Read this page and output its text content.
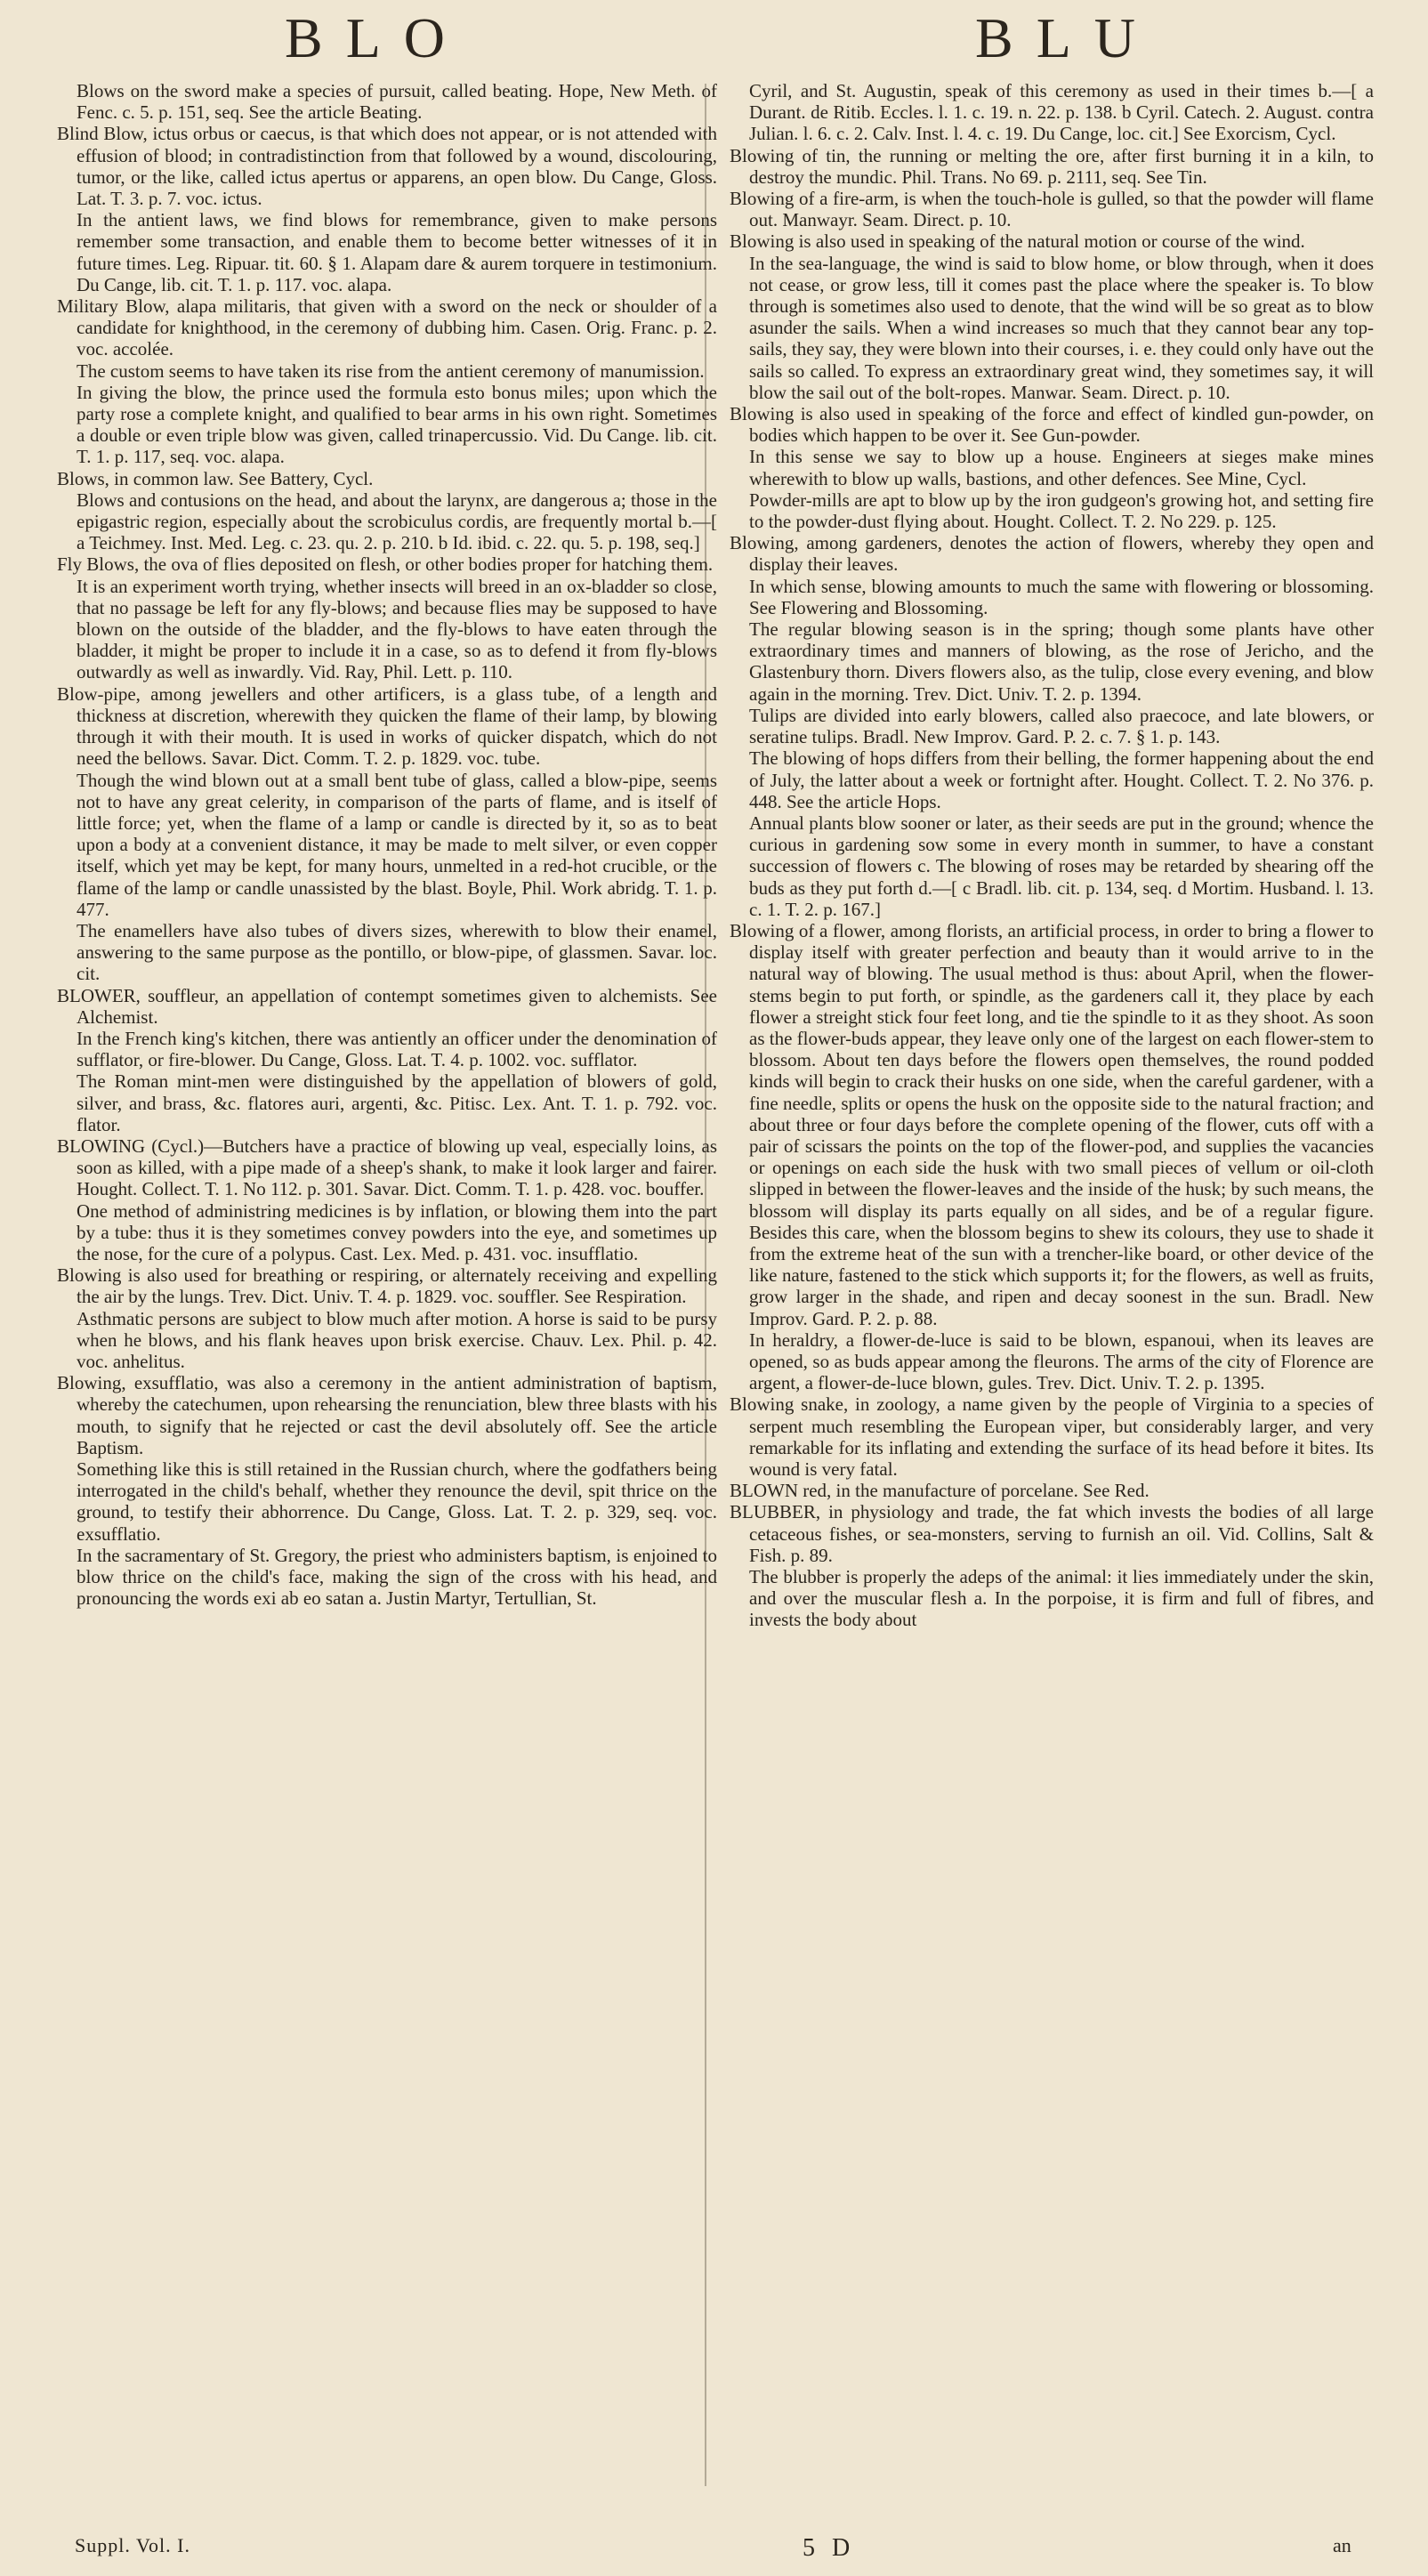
BLO	BLU

Blows on the sword make a species of pursuit, called beating. Hope, New Meth. of Fenc. c. 5. p. 151, seq. See the article Beating.

Blind Blow, ictus orbus or caecus, is that which does not appear, or is not attended with effusion of blood; in contradistinction from that followed by a wound, discolouring, tumor, or the like, called ictus apertus or apparens, an open blow. Du Cange, Gloss. Lat. T. 3. p. 7. voc. ictus.

In the antient laws, we find blows for remembrance, given to make persons remember some transaction, and enable them to become better witnesses of it in future times. Leg. Ripuar. tit. 60. § 1. Alapam dare & aurem torquere in testimonium. Du Cange, lib. cit. T. 1. p. 117. voc. alapa.

Military Blow, alapa militaris, that given with a sword on the neck or shoulder of a candidate for knighthood, in the ceremony of dubbing him. Casen. Orig. Franc. p. 2. voc. accolée.

The custom seems to have taken its rise from the antient ceremony of manumission.

In giving the blow, the prince used the formula esto bonus miles; upon which the party rose a complete knight, and qualified to bear arms in his own right. Sometimes a double or even triple blow was given, called trinapercussio. Vid. Du Cange. lib. cit. T. 1. p. 117, seq. voc. alapa.

Blows, in common law. See Battery, Cycl.

Blows and contusions on the head, and about the larynx, are dangerous a; those in the epigastric region, especially about the scrobiculus cordis, are frequently mortal b.—[ a Teichmey. Inst. Med. Leg. c. 23. qu. 2. p. 210. b Id. ibid. c. 22. qu. 5. p. 198, seq.]

Fly Blows, the ova of flies deposited on flesh, or other bodies proper for hatching them.

It is an experiment worth trying, whether insects will breed in an ox-bladder so close, that no passage be left for any fly-blows; and because flies may be supposed to have blown on the outside of the bladder, and the fly-blows to have eaten through the bladder, it might be proper to include it in a case, so as to defend it from fly-blows outwardly as well as inwardly. Vid. Ray, Phil. Lett. p. 110.

Blow-pipe, among jewellers and other artificers, is a glass tube, of a length and thickness at discretion, wherewith they quicken the flame of their lamp, by blowing through it with their mouth. It is used in works of quicker dispatch, which do not need the bellows. Savar. Dict. Comm. T. 2. p. 1829. voc. tube.

Though the wind blown out at a small bent tube of glass, called a blow-pipe, seems not to have any great celerity, in comparison of the parts of flame, and is itself of little force; yet, when the flame of a lamp or candle is directed by it, so as to beat upon a body at a convenient distance, it may be made to melt silver, or even copper itself, which yet may be kept, for many hours, unmelted in a red-hot crucible, or the flame of the lamp or candle unassisted by the blast. Boyle, Phil. Work abridg. T. 1. p. 477.

The enamellers have also tubes of divers sizes, wherewith to blow their enamel, answering to the same purpose as the pontillo, or blow-pipe, of glassmen. Savar. loc. cit.

BLOWER, souffleur, an appellation of contempt sometimes given to alchemists. See Alchemist.

In the French king's kitchen, there was antiently an officer under the denomination of sufflator, or fire-blower. Du Cange, Gloss. Lat. T. 4. p. 1002. voc. sufflator.

The Roman mint-men were distinguished by the appellation of blowers of gold, silver, and brass, &c. flatores auri, argenti, &c. Pitisc. Lex. Ant. T. 1. p. 792. voc. flator.

BLOWING (Cycl.)—Butchers have a practice of blowing up veal, especially loins, as soon as killed, with a pipe made of a sheep's shank, to make it look larger and fairer. Hought. Collect. T. 1. No 112. p. 301. Savar. Dict. Comm. T. 1. p. 428. voc. bouffer.

One method of administring medicines is by inflation, or blowing them into the part by a tube: thus it is they sometimes convey powders into the eye, and sometimes up the nose, for the cure of a polypus. Cast. Lex. Med. p. 431. voc. insufflatio.

Blowing is also used for breathing or respiring, or alternately receiving and expelling the air by the lungs. Trev. Dict. Univ. T. 4. p. 1829. voc. souffler. See Respiration.

Asthmatic persons are subject to blow much after motion. A horse is said to be pursy when he blows, and his flank heaves upon brisk exercise. Chauv. Lex. Phil. p. 42. voc. anhelitus.

Blowing, exsufflatio, was also a ceremony in the antient administration of baptism, whereby the catechumen, upon rehearsing the renunciation, blew three blasts with his mouth, to signify that he rejected or cast the devil absolutely off. See the article Baptism.

Something like this is still retained in the Russian church, where the godfathers being interrogated in the child's behalf, whether they renounce the devil, spit thrice on the ground, to testify their abhorrence. Du Cange, Gloss. Lat. T. 2. p. 329, seq. voc. exsufflatio.

In the sacramentary of St. Gregory, the priest who administers baptism, is enjoined to blow thrice on the child's face, making the sign of the cross with his head, and pronouncing the words exi ab eo satan a. Justin Martyr, Tertullian, St.

Cyril, and St. Augustin, speak of this ceremony as used in their times b.—[ a Durant. de Ritib. Eccles. l. 1. c. 19. n. 22. p. 138. b Cyril. Catech. 2. August. contra Julian. l. 6. c. 2. Calv. Inst. l. 4. c. 19. Du Cange, loc. cit.] See Exorcism, Cycl.

Blowing of tin, the running or melting the ore, after first burning it in a kiln, to destroy the mundic. Phil. Trans. No 69. p. 2111, seq. See Tin.

Blowing of a fire-arm, is when the touch-hole is gulled, so that the powder will flame out. Manwayr. Seam. Direct. p. 10.

Blowing is also used in speaking of the natural motion or course of the wind.

In the sea-language, the wind is said to blow home, or blow through, when it does not cease, or grow less, till it comes past the place where the speaker is. To blow through is sometimes also used to denote, that the wind will be so great as to blow asunder the sails. When a wind increases so much that they cannot bear any top-sails, they say, they were blown into their courses, i. e. they could only have out the sails so called. To express an extraordinary great wind, they sometimes say, it will blow the sail out of the bolt-ropes. Manwar. Seam. Direct. p. 10.

Blowing is also used in speaking of the force and effect of kindled gun-powder, on bodies which happen to be over it. See Gun-powder.

In this sense we say to blow up a house. Engineers at sieges make mines wherewith to blow up walls, bastions, and other defences. See Mine, Cycl.

Powder-mills are apt to blow up by the iron gudgeon's growing hot, and setting fire to the powder-dust flying about. Hought. Collect. T. 2. No 229. p. 125.

Blowing, among gardeners, denotes the action of flowers, whereby they open and display their leaves.

In which sense, blowing amounts to much the same with flowering or blossoming. See Flowering and Blossoming.

The regular blowing season is in the spring; though some plants have other extraordinary times and manners of blowing, as the rose of Jericho, and the Glastenbury thorn. Divers flowers also, as the tulip, close every evening, and blow again in the morning. Trev. Dict. Univ. T. 2. p. 1394.

Tulips are divided into early blowers, called also praecoce, and late blowers, or seratine tulips. Bradl. New Improv. Gard. P. 2. c. 7. § 1. p. 143.

The blowing of hops differs from their belling, the former happening about the end of July, the latter about a week or fortnight after. Hought. Collect. T. 2. No 376. p. 448. See the article Hops.

Annual plants blow sooner or later, as their seeds are put in the ground; whence the curious in gardening sow some in every month in summer, to have a constant succession of flowers c. The blowing of roses may be retarded by shearing off the buds as they put forth d.—[ c Bradl. lib. cit. p. 134, seq. d Mortim. Husband. l. 13. c. 1. T. 2. p. 167.]

Blowing of a flower, among florists, an artificial process, in order to bring a flower to display itself with greater perfection and beauty than it would arrive to in the natural way of blowing. The usual method is thus: about April, when the flower-stems begin to put forth, or spindle, as the gardeners call it, they place by each flower a streight stick four feet long, and tie the spindle to it as they shoot. As soon as the flower-buds appear, they leave only one of the largest on each flower-stem to blossom. About ten days before the flowers open themselves, the round podded kinds will begin to crack their husks on one side, when the careful gardener, with a fine needle, splits or opens the husk on the opposite side to the natural fraction; and about three or four days before the complete opening of the flower, cuts off with a pair of scissars the points on the top of the flower-pod, and supplies the vacancies or openings on each side the husk with two small pieces of vellum or oil-cloth slipped in between the flower-leaves and the inside of the husk; by such means, the blossom will display its parts equally on all sides, and be of a regular figure. Besides this care, when the blossom begins to shew its colours, they use to shade it from the extreme heat of the sun with a trencher-like board, or other device of the like nature, fastened to the stick which supports it; for the flowers, as well as fruits, grow larger in the shade, and ripen and decay soonest in the sun. Bradl. New Improv. Gard. P. 2. p. 88.

In heraldry, a flower-de-luce is said to be blown, espanoui, when its leaves are opened, so as buds appear among the fleurons. The arms of the city of Florence are argent, a flower-de-luce blown, gules. Trev. Dict. Univ. T. 2. p. 1395.

Blowing snake, in zoology, a name given by the people of Virginia to a species of serpent much resembling the European viper, but considerably larger, and very remarkable for its inflating and extending the surface of its head before it bites. Its wound is very fatal.

BLOWN red, in the manufacture of porcelane. See Red.

BLUBBER, in physiology and trade, the fat which invests the bodies of all large cetaceous fishes, or sea-monsters, serving to furnish an oil. Vid. Collins, Salt & Fish. p. 89.

The blubber is properly the adeps of the animal: it lies immediately under the skin, and over the muscular flesh a. In the porpoise, it is firm and full of fibres, and invests the body about

Suppl. Vol. I.	5 D	an
